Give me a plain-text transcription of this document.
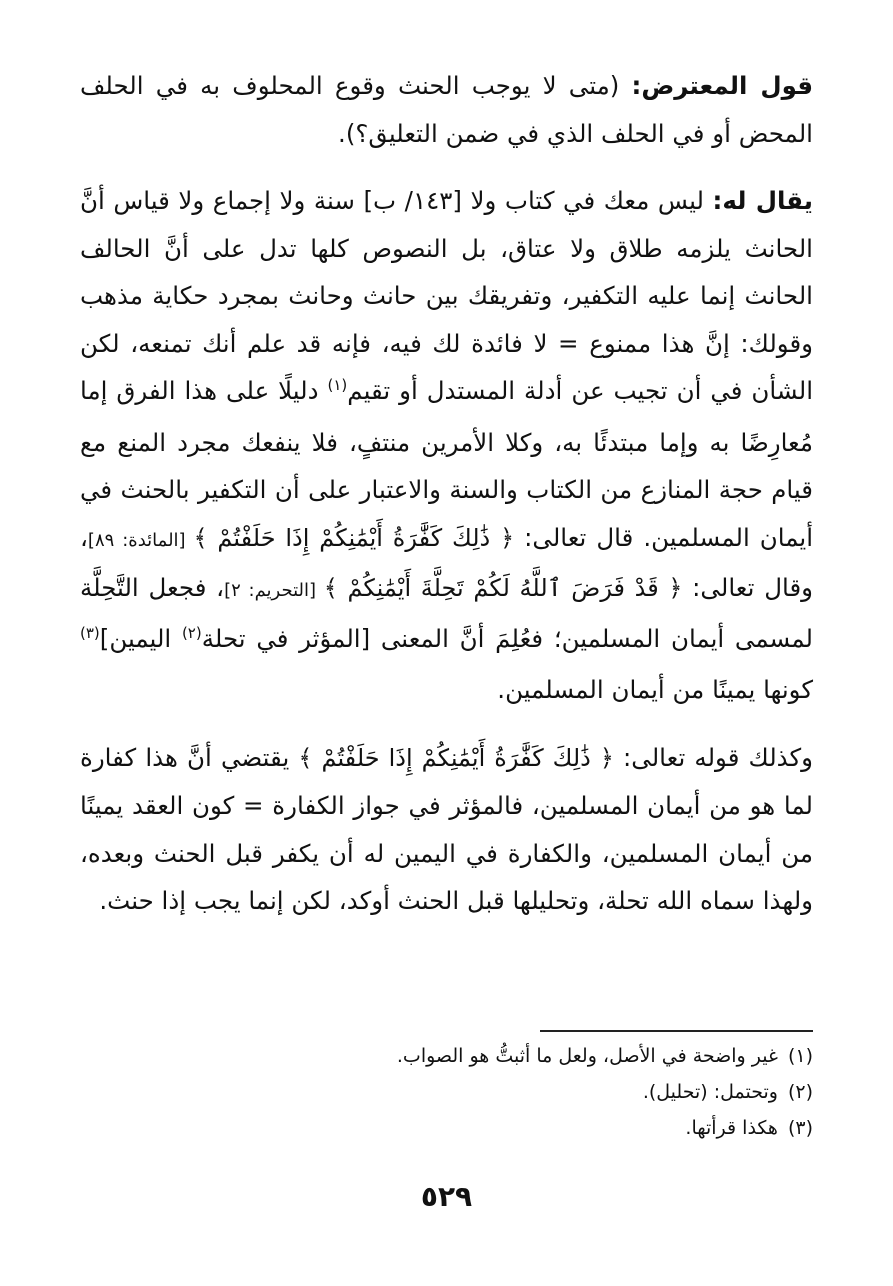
قول المعترض: (متى لا يوجب الحنث وقوع المحلوف به في الحلف المحض أو في الحلف الذي في ضمن التعليق؟).

يقال له: ليس معك في كتاب ولا [١٤٣/ ب] سنة ولا إجماع ولا قياس أنَّ الحانث يلزمه طلاق ولا عتاق، بل النصوص كلها تدل على أنَّ الحالف الحانث إنما عليه التكفير، وتفريقك بين حانث وحانث بمجرد حكاية مذهب وقولك: إنَّ هذا ممنوع = لا فائدة لك فيه، فإنه قد علم أنك تمنعه، لكن الشأن في أن تجيب عن أدلة المستدل أو تقيم$^{(١)}$ دليلًا على هذا الفرق إما مُعارِضًا به وإما مبتدئًا به، وكلا الأمرين منتفٍ، فلا ينفعك مجرد المنع مع قيام حجة المنازع من الكتاب والسنة والاعتبار على أن التكفير بالحنث في أيمان المسلمين. قال تعالى: ﴿ ذَٰلِكَ كَفَّٰرَةُ أَيْمَٰنِكُمْ إِذَا حَلَفْتُمْ ﴾ [المائدة: ٨٩]، وقال تعالى: ﴿ قَدْ فَرَضَ ٱللَّهُ لَكُمْ تَحِلَّةَ أَيْمَٰنِكُمْ ﴾ [التحريم: ٢]، فجعل التَّحِلَّة لمسمى أيمان المسلمين؛ فعُلِمَ أنَّ المعنى [المؤثر في تحلة$^{(٢)}$ اليمين]$^{(٣)}$ كونها يمينًا من أيمان المسلمين.

وكذلك قوله تعالى: ﴿ ذَٰلِكَ كَفَّٰرَةُ أَيْمَٰنِكُمْ إِذَا حَلَفْتُمْ ﴾ يقتضي أنَّ هذا كفارة لما هو من أيمان المسلمين، فالمؤثر في جواز الكفارة = كون العقد يمينًا من أيمان المسلمين، والكفارة في اليمين له أن يكفر قبل الحنث وبعده، ولهذا سماه الله تحلة، وتحليلها قبل الحنث أوكد، لكن إنما يجب إذا حنث.

(١)
غير واضحة في الأصل، ولعل ما أثبتُّ هو الصواب.
(٢)
وتحتمل: (تحليل).
(٣)
هكذا قرأتها.
٥٢٩
